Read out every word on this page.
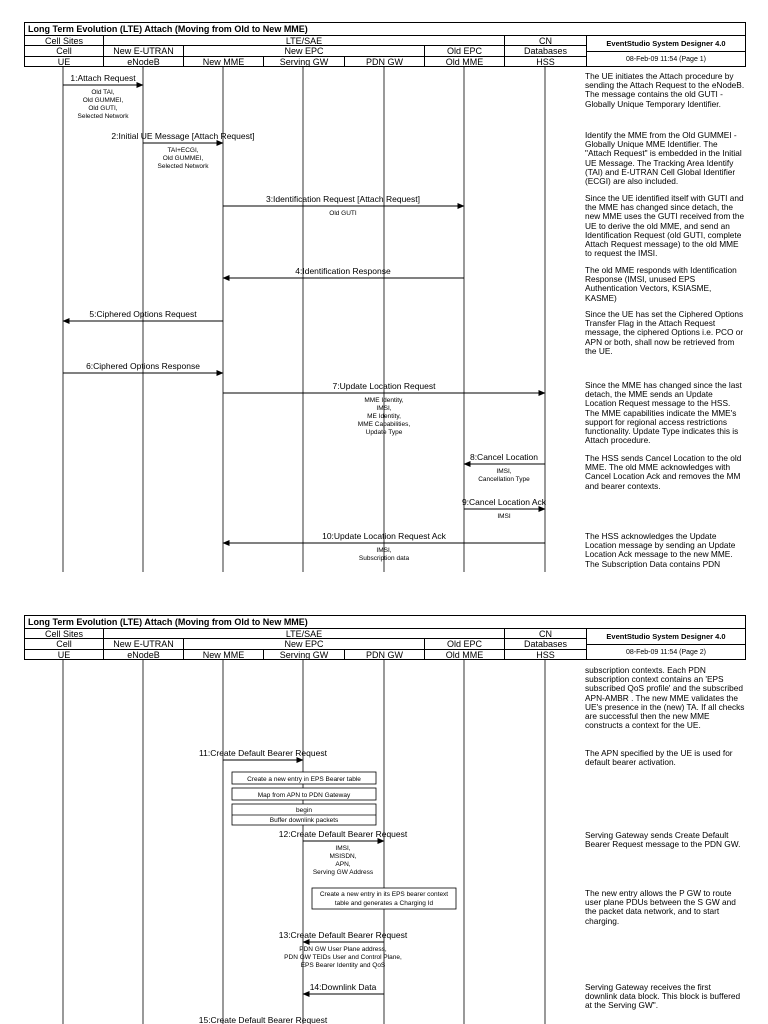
Long Term Evolution (LTE) Attach (Moving from Old to New MME)
EventStudio System Designer 4.0
08-Feb-09 11:54 (Page 1)
Cell Sites	LTE/SAE	CN
Cell	New E-UTRAN	New EPC	Old EPC	Databases
UE	eNodeB	New MME	Serving GW	PDN GW	Old MME	HSS
1:Attach Request
Old TAI,
Old GUMMEI,
Old GUTI,
Selected Network
2:Initial UE Message [Attach Request]
TAI+ECGI,
Old GUMMEI,
Selected Network
3:Identification Request [Attach Request]
Old GUTI
4:Identification Response
5:Ciphered Options Request
6:Ciphered Options Response
7:Update Location Request
MME Identity,
IMSI,
ME Identity,
MME Capabilities,
Update Type
8:Cancel Location
IMSI,
Cancellation Type
9:Cancel Location Ack
IMSI
10:Update Location Request Ack
IMSI,
Subscription data
The UE initiates the Attach procedure by sending the Attach Request to the eNodeB. The message contains the old GUTI - Globally Unique Temporary Identifier.
Identify the MME from the Old GUMMEI - Globally Unique MME Identifier. The "Attach Request" is embedded in the Initial UE Message. The Tracking Area Identify (TAI) and E-UTRAN Cell Global Identifier (ECGI) are also included.
Since the UE identified itself with GUTI and the MME has changed since detach, the new MME uses the GUTI received from the UE to derive the old MME, and send an Identification Request (old GUTI, complete Attach Request message) to the old MME to request the IMSI.
The old MME responds with Identification Response (IMSI, unused EPS Authentication Vectors, KSIASME, KASME)
Since the UE has set the Ciphered Options Transfer Flag in the Attach Request message, the ciphered Options i.e. PCO or APN or both, shall now be retrieved from the UE.
Since the MME has changed since the last detach, the MME sends an Update Location Request message to the HSS. The MME capabilities indicate the MME's support for regional access restrictions functionality. Update Type indicates this is Attach procedure.
The HSS sends Cancel Location to the old MME. The old MME acknowledges with Cancel Location Ack and removes the MM and bearer contexts.
The HSS acknowledges the Update Location message by sending an Update Location Ack message to the new MME. The Subscription Data contains PDN
Long Term Evolution (LTE) Attach (Moving from Old to New MME)
EventStudio System Designer 4.0
08-Feb-09 11:54 (Page 2)
Cell Sites	LTE/SAE	CN
Cell	New E-UTRAN	New EPC	Old EPC	Databases
UE	eNodeB	New MME	Serving GW	PDN GW	Old MME	HSS
11:Create Default Bearer Request
Create a new entry in EPS Bearer table
Map from APN to PDN Gateway
begin
Buffer downlink packets
12:Create Default Bearer Request
IMSI,
MSISDN,
APN,
Serving GW Address
Create a new entry in its EPS bearer context
table and generates a Charging Id
13:Create Default Bearer Request
PDN GW User Plane address,
PDN GW TEIDs User and Control Plane,
EPS Bearer Identity and QoS
14:Downlink Data
15:Create Default Bearer Request
subscription contexts. Each PDN subscription context contains an 'EPS subscribed QoS profile' and the subscribed APN-AMBR . The new MME validates the UE's presence in the (new) TA. If all checks are successful then the new MME constructs a context for the UE.
The APN specified by the UE is used for default bearer activation.
Serving Gateway sends Create Default Bearer Request message to the PDN GW.
The new entry allows the P GW to route user plane PDUs between the S GW and the packet data network, and to start charging.
Serving Gateway receives the first downlink data block. This block is buffered at the Serving GW".
